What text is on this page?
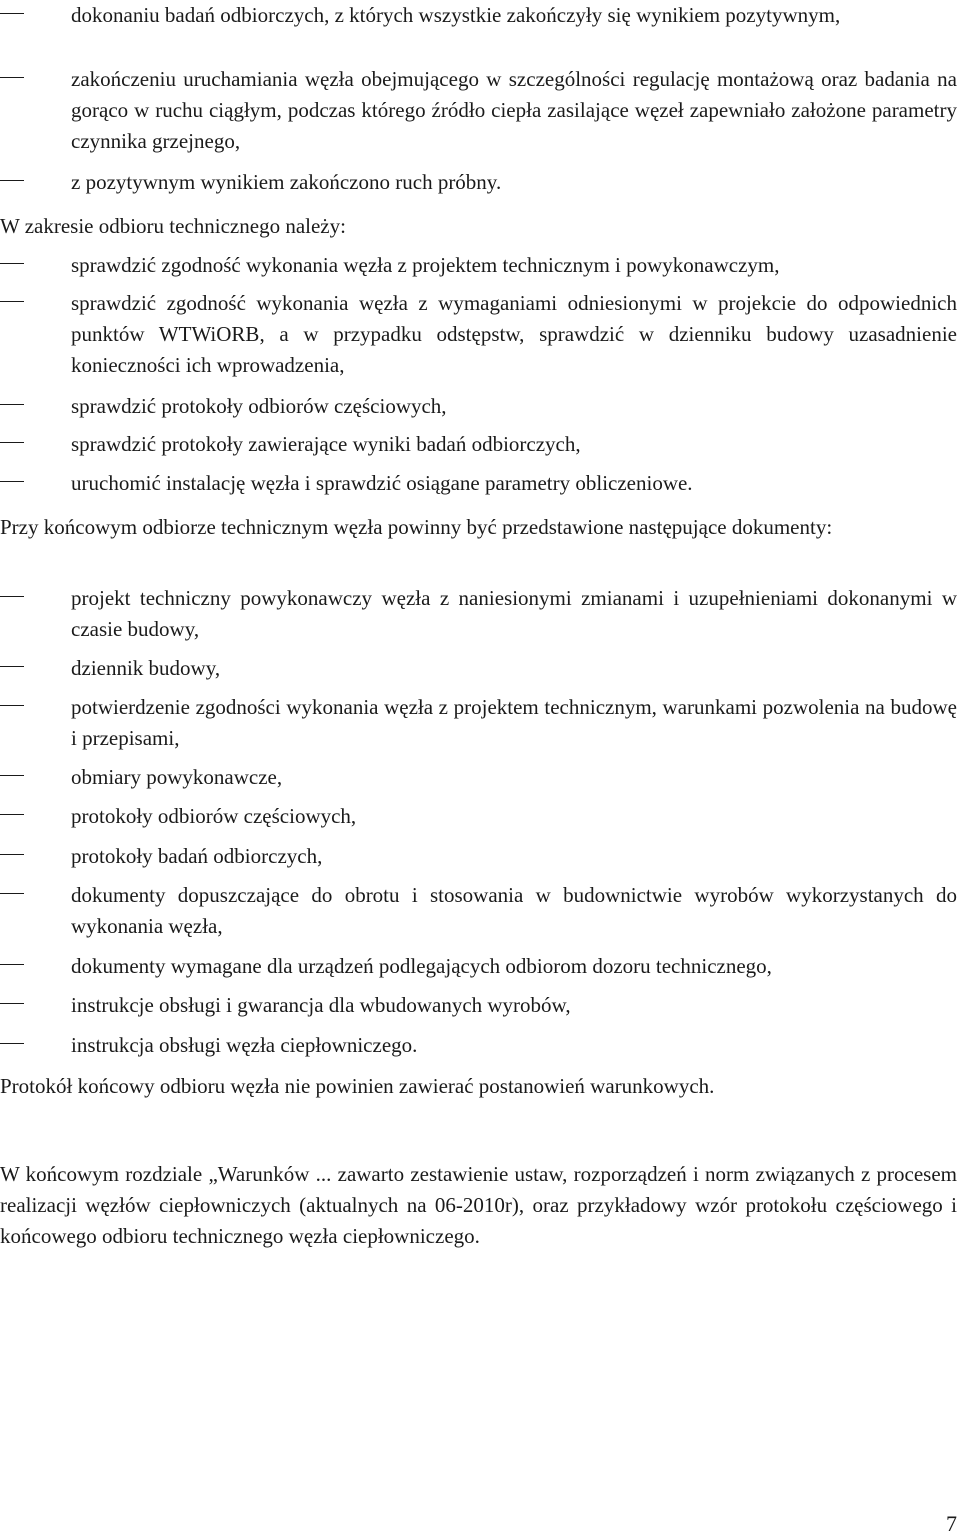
dokonaniu badań odbiorczych, z których wszystkie zakończyły się wynikiem pozytywnym,
zakończeniu uruchamiania węzła obejmującego w szczególności regulację montażową oraz badania na gorąco w ruchu ciągłym, podczas którego źródło ciepła zasilające węzeł zapewniało założone parametry czynnika grzejnego,
z pozytywnym wynikiem zakończono ruch próbny.
W zakresie odbioru technicznego należy:
sprawdzić zgodność wykonania węzła z projektem technicznym i powykonawczym,
sprawdzić zgodność wykonania węzła z wymaganiami odniesionymi w projekcie do odpowiednich punktów WTWiORB, a w przypadku odstępstw, sprawdzić w dzienniku budowy uzasadnienie konieczności ich wprowadzenia,
sprawdzić protokoły odbiorów częściowych,
sprawdzić protokoły zawierające wyniki badań odbiorczych,
uruchomić instalację węzła i sprawdzić osiągane parametry obliczeniowe.
Przy końcowym odbiorze technicznym węzła powinny być przedstawione następujące dokumenty:
projekt techniczny powykonawczy węzła z naniesionymi zmianami i uzupełnieniami dokonanymi w czasie budowy,
dziennik budowy,
potwierdzenie zgodności wykonania węzła z projektem technicznym, warunkami pozwolenia na budowę i przepisami,
obmiary powykonawcze,
protokoły odbiorów częściowych,
protokoły badań odbiorczych,
dokumenty dopuszczające do obrotu i stosowania w budownictwie wyrobów wykorzystanych do wykonania węzła,
dokumenty wymagane dla urządzeń podlegających odbiorom dozoru technicznego,
instrukcje obsługi i gwarancja dla wbudowanych wyrobów,
instrukcja obsługi węzła ciepłowniczego.
Protokół końcowy odbioru węzła nie powinien zawierać postanowień warunkowych.
W końcowym rozdziale „Warunków ... zawarto zestawienie ustaw, rozporządzeń i norm związanych z procesem realizacji węzłów ciepłowniczych (aktualnych na 06-2010r), oraz przykładowy wzór protokołu częściowego i końcowego odbioru technicznego węzła ciepłowniczego.
7
